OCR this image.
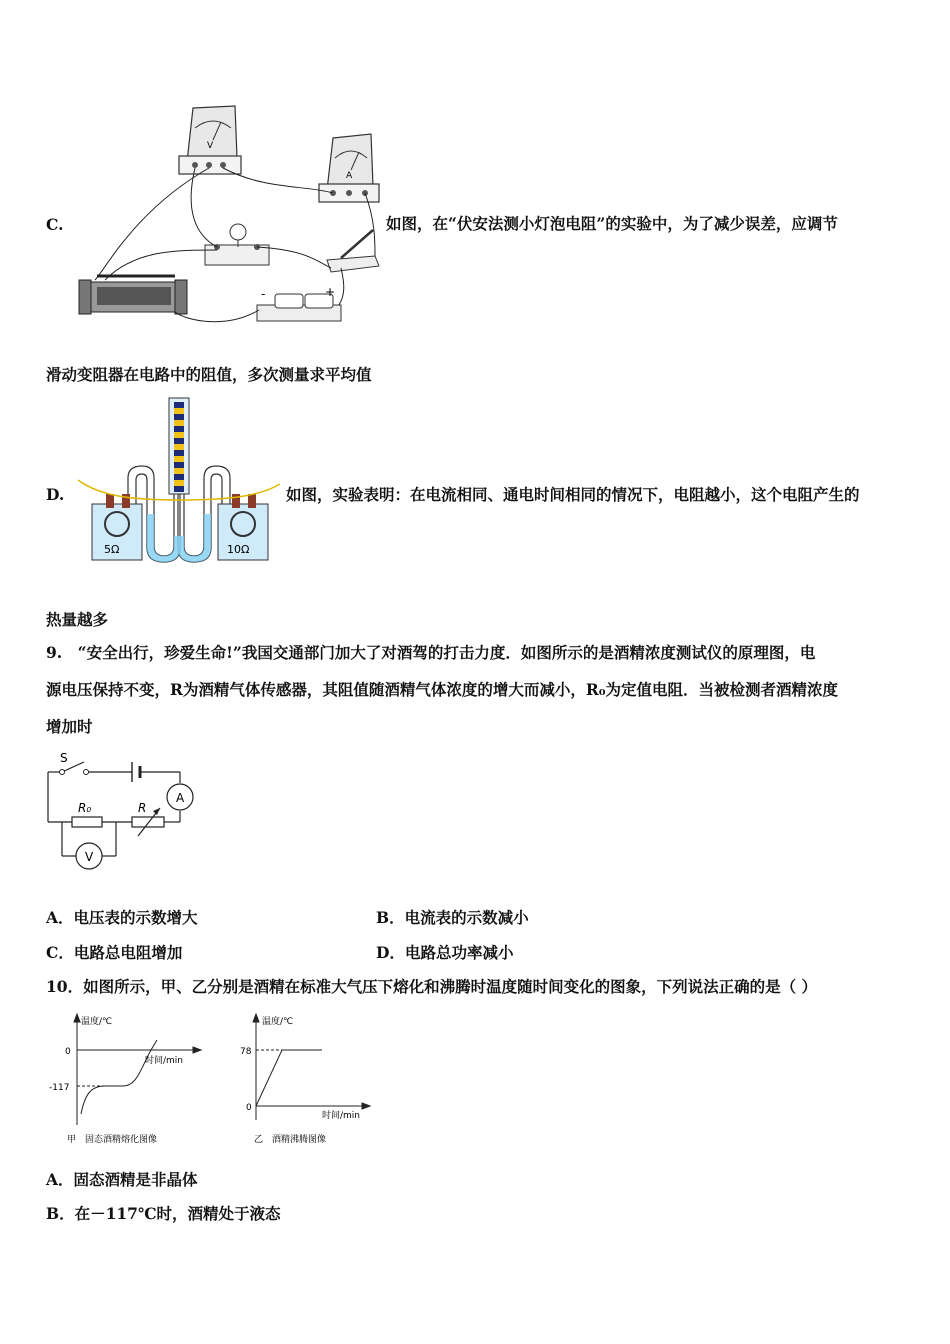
C.
V
A
-	+
如图，在“伏安法测小灯泡电阻”的实验中，为了减少误差，应调节
滑动变阻器在电路中的阻值，多次测量求平均值
D.
5Ω	10Ω
如图，实验表明：在电流相同、通电时间相同的情况下，电阻越小，这个电阻产生的
热量越多
9.　“安全出行，珍爱生命!”我国交通部门加大了对酒驾的打击力度．如图所示的是酒精浓度测试仪的原理图，电
源电压保持不变，R为酒精气体传感器，其阻值随酒精气体浓度的增大而减小，R₀为定值电阻．当被检测者酒精浓度
增加时
S
A
R₀	R
V
A．电压表的示数增大	B．电流表的示数减小
C．电路总电阻增加	D．电路总功率减小
10．如图所示，甲、乙分别是酒精在标准大气压下熔化和沸腾时温度随时间变化的图象，下列说法正确的是（ ）
温度/℃
时间/min
0
-117
甲　固态酒精熔化图像
温度/℃
时间/min
78
0
乙　酒精沸腾图像
A．固态酒精是非晶体
B．在－117℃时，酒精处于液态
